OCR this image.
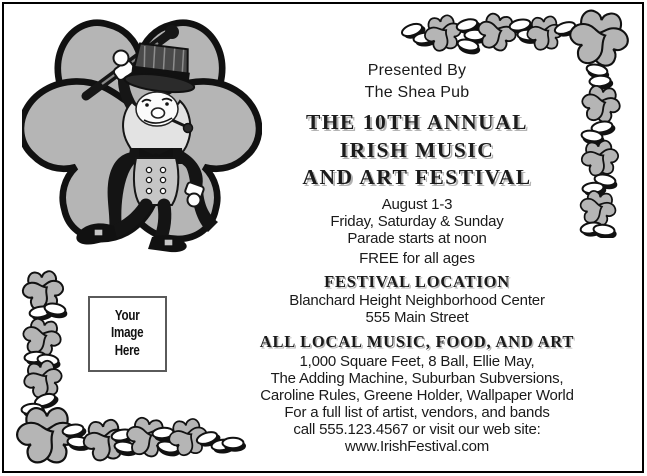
Your
Image
Here
Presented By
The Shea Pub
THE 10TH ANNUAL
IRISH MUSIC
AND ART FESTIVAL
August 1-3
Friday, Saturday & Sunday
Parade starts at noon
FREE for all ages
FESTIVAL LOCATION
Blanchard Height Neighborhood Center
555 Main Street
ALL LOCAL MUSIC, FOOD, AND ART
1,000 Square Feet, 8 Ball, Ellie May,
The Adding Machine, Suburban Subversions,
Caroline Rules, Greene Holder, Wallpaper World
For a full list of artist, vendors, and bands
call 555.123.4567 or visit our web site:
www.IrishFestival.com
